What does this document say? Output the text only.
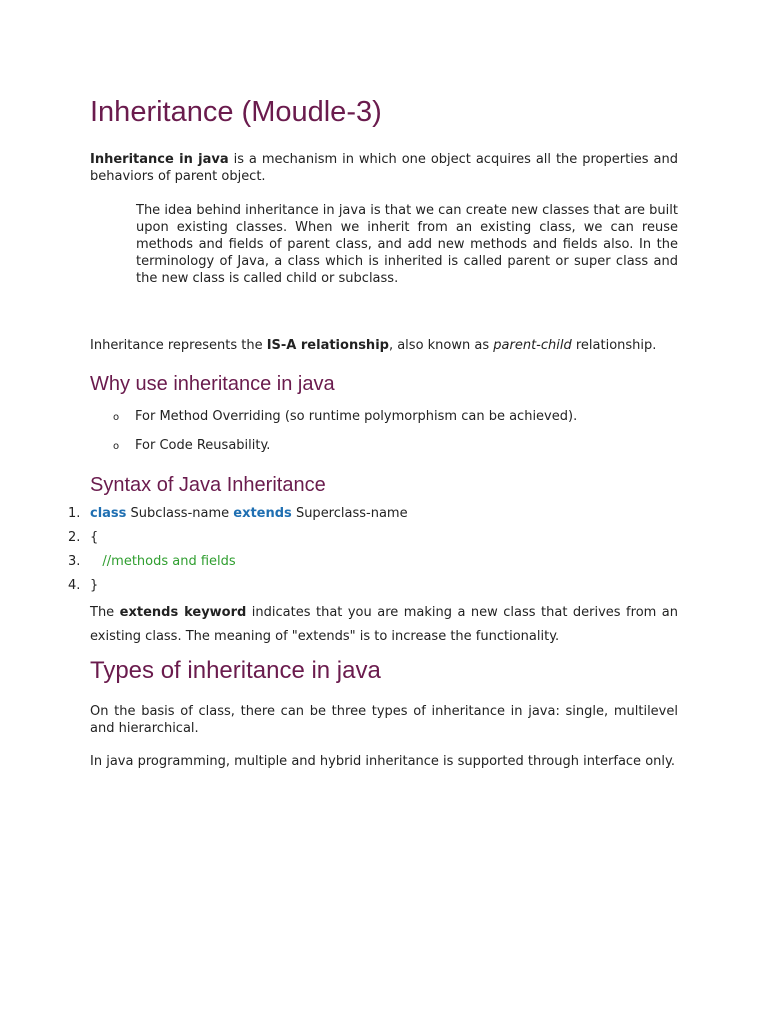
Inheritance (Moudle-3)

Inheritance in java is a mechanism in which one object acquires all the properties and behaviors of parent object.

The idea behind inheritance in java is that we can create new classes that are built upon existing classes. When we inherit from an existing class, we can reuse methods and fields of parent class, and add new methods and fields also. In the terminology of Java, a class which is inherited is called parent or super class and the new class is called child or subclass.

Inheritance represents the IS-A relationship, also known as parent-child relationship.

Why use inheritance in java
o For Method Overriding (so runtime polymorphism can be achieved).
o For Code Reusability.
Syntax of Java Inheritance
1. class Subclass-name extends Superclass-name
2. {
3.   //methods and fields
4. }

The extends keyword indicates that you are making a new class that derives from an existing class. The meaning of "extends" is to increase the functionality.

Types of inheritance in java

On the basis of class, there can be three types of inheritance in java: single, multilevel and hierarchical.

In java programming, multiple and hybrid inheritance is supported through interface only.
